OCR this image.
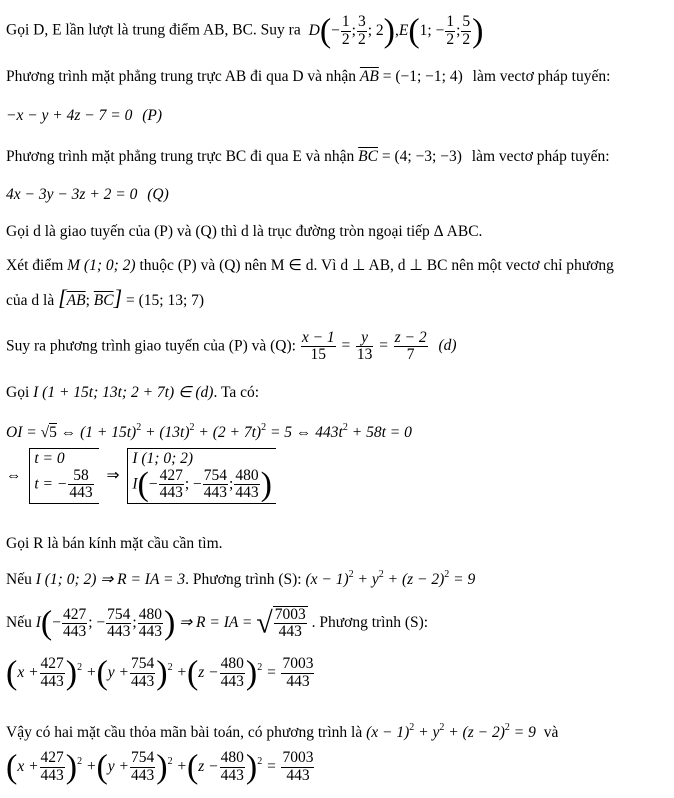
Gọi D, E lần lượt là trung điểm AB, BC. Suy ra $D(- \frac{1}{2}$ ; $\frac{3}{2}$ ; 2),E(1; − $\frac{1}{2}$ ; $\frac{5}{2}$ )
Phương trình mặt phẳng trung trực AB đi qua D và nhận $\overline{AB} = (-1$; −1; 4) làm vectơ pháp tuyến:
−x − y + 4z − 7 = 0 (P)
Phương trình mặt phẳng trung trực BC đi qua E và nhận $\overline{BC} = (4$; −3; −3) làm vectơ pháp tuyến:
4x − 3y − 3z + 2 = 0 (Q)
Gọi d là giao tuyến của (P) và (Q) thì d là trục đường tròn ngoại tiếp Δ ABC.
Xét điểm M (1; 0; 2) thuộc (P) và (Q) nên M ∈ d. Vì d ⊥ AB, d ⊥ BC nên một vectơ chỉ phương
của d là [$\overline{AB}$; $\overline{BC}] = (15$; 13; 7)
Suy ra phương trình giao tuyến của (P) và (Q): $\frac{x - 1}{15} = \frac{y}{13} = \frac{z - 2}{7} (d)$
Gọi I (1 + 15t; 13t; 2 + 7t) ∈ (d). Ta có:
OI = √5 ⇔ $(1 + 15t)^2 + (13t)^2 + (2 + 7t)^2 = 5$ ⇔ $443t^2 + 58t = 0$
⇔
t = 0
t = − $\frac{58}{443}$ ⇒
I (1; 0; 2)
$I(- \frac{427}{443}$ ; − $\frac{754}{443}$ ; $\frac{480}{443}$ )
Gọi R là bán kính mặt cầu cần tìm.
Nếu I (1; 0; 2) ⇒ R = IA = 3. Phương trình (S): $(x - 1)^2 + y^2 + (z - 2)^2 = 9$
Nếu $I(- \frac{427}{443}$ ; − $\frac{754}{443}$ ; $\frac{480}{443}$ ) ⇒ R = IA = √ $\frac{7003}{443}$ . Phương trình (S):
$(x + \frac{427}{443} )^2 +(y + \frac{754}{443} )^2 +(z - \frac{480}{443} )^2 = \frac{7003}{443}$
Vậy có hai mặt cầu thỏa mãn bài toán, có phương trình là $(x - 1)^2 + y^2 + (z - 2)^2 = 9$ và
$(x + \frac{427}{443} )^2 +(y + \frac{754}{443} )^2 +(z - \frac{480}{443} )^2 = \frac{7003}{443}$
